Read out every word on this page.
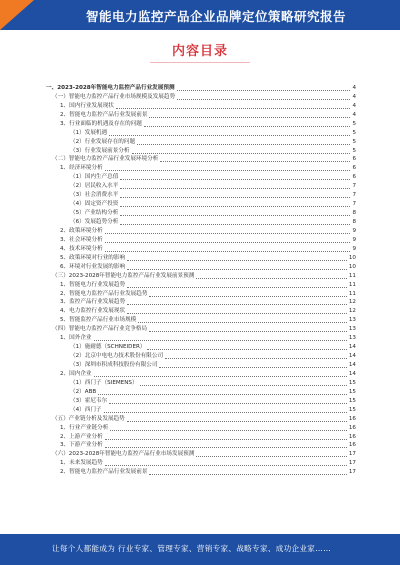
智能电力监控产品企业品牌定位策略研究报告
内容目录
一、2023-2028年智能电力监控产品行业发展预测	4
（一）智能电力监控产品行业市场规模及发展趋势	4
1、国内行业发展现状	4
2、智能电力监控产品行业发展前景	4
3、行业面临的机遇及存在的问题	5
（1）发展机遇	5
（2）行业发展存在的问题	5
（3）行业发展前景分析	5
（二）智能电力监控产品行业发展环境分析	6
1、经济环境分析	6
（1）国内生产总值	6
（2）居民收入水平	7
（3）社会消费水平	7
（4）固定资产投资	7
（5）产业结构分析	8
（6）发展趋势分析	8
2、政策环境分析	9
3、社会环境分析	9
4、技术环境分析	9
5、政策环境对行业的影响	10
6、环境对行业发展的影响	10
（三）2023-2028年智能电力监控产品行业发展前景预测	11
1、智能电力行业发展趋势	11
2、智能电力监控产品行业发展趋势	11
3、监控产品行业发展趋势	12
4、电力监控行业发展现状	12
5、智能监控产品行业市场规模	13
（四）智能电力监控产品行业竞争格局	13
1、国外企业	13
（1）施耐德（SCHNEIDER）	14
（2）北京中电电力技术股份有限公司	14
（3）深圳市积成科技股份有限公司	14
2、国内企业	14
（1）西门子（SIEMENS）	15
（2）ABB	15
（3）霍尼韦尔	15
（4）西门子	15
（五）产业链分析及发展趋势	16
1、行业产业链分析	16
2、上游产业分析	16
3、下游产业分析	16
（六）2023-2028年智能电力监控产品行业市场发展预测	17
1、未来发展趋势	17
2、智能电力监控产品行业发展前景	17
让每个人都能成为 行业专家、管理专家、营销专家、战略专家、成功企业家……
